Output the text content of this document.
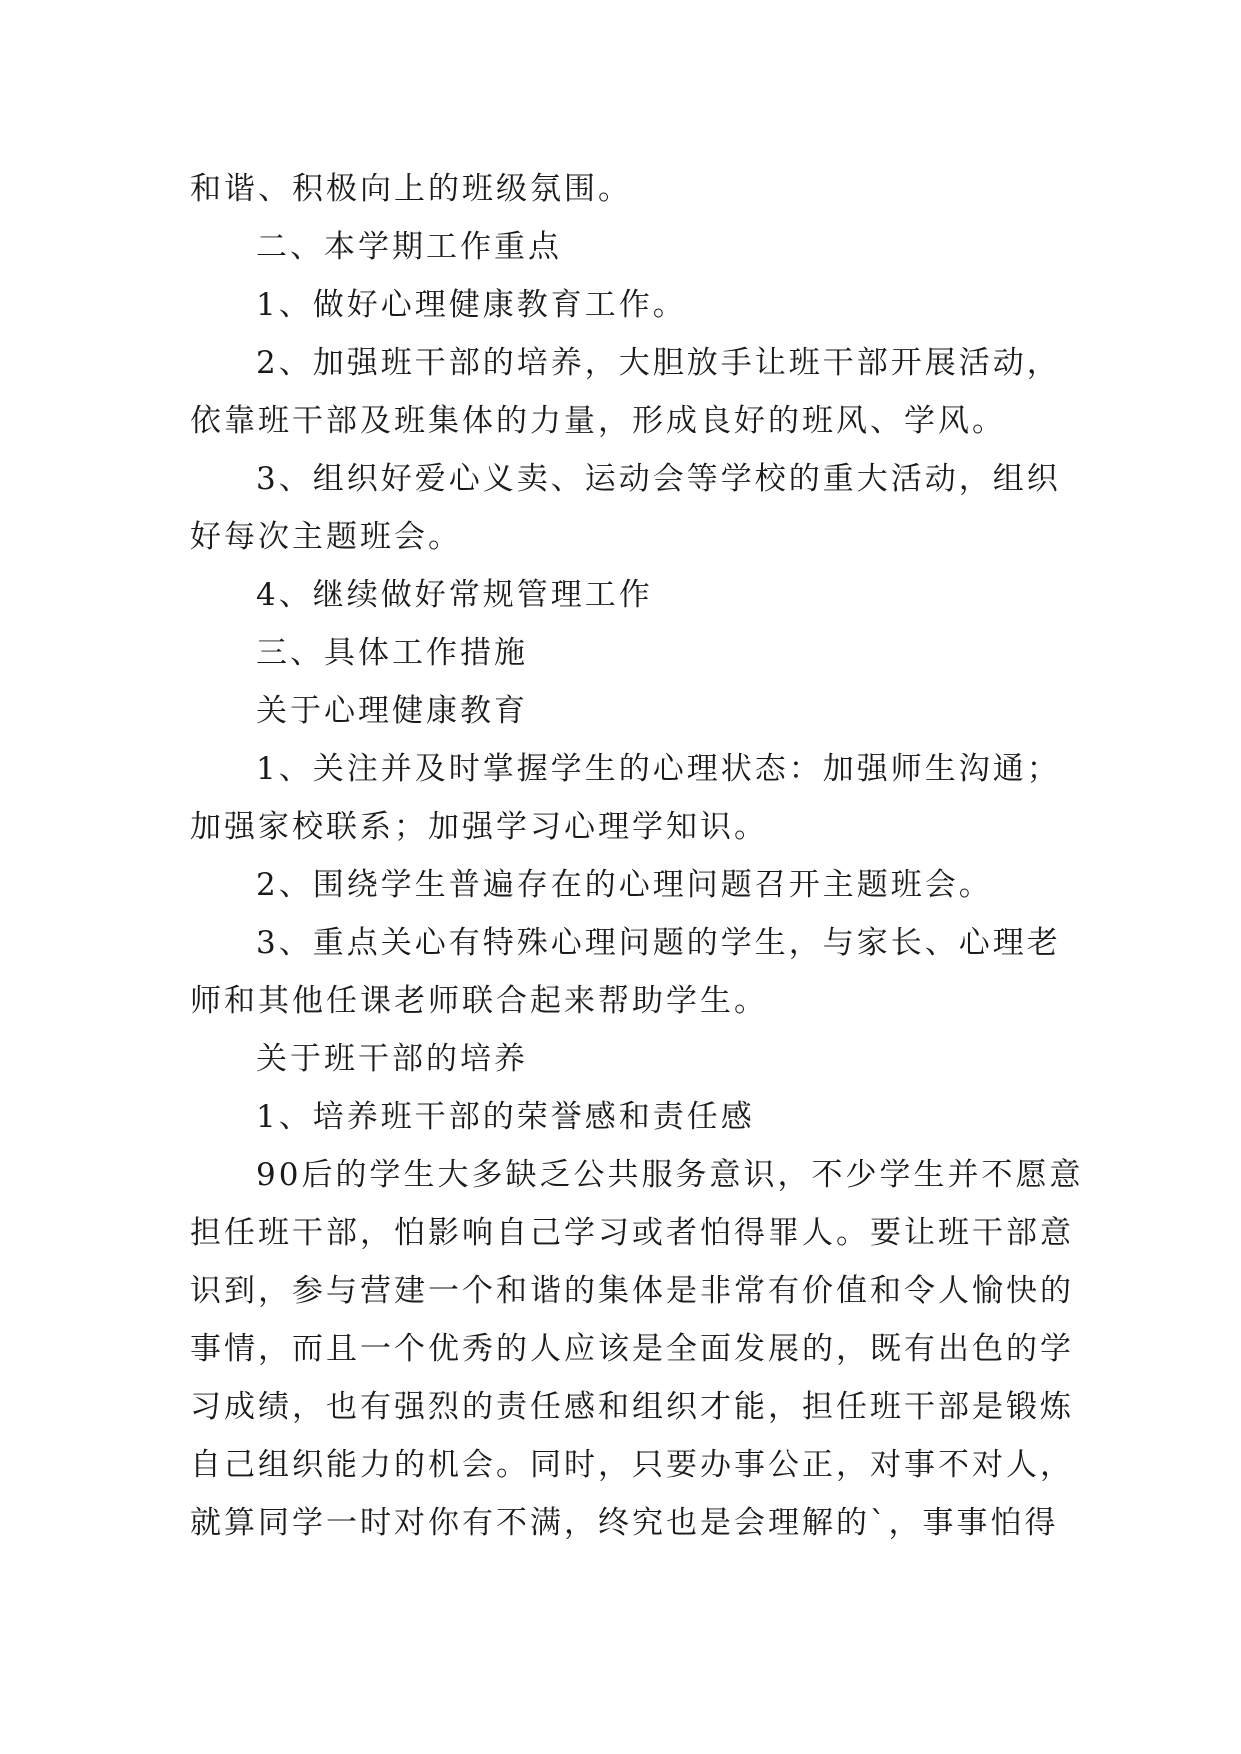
和谐、积极向上的班级氛围。
二、本学期工作重点
1、做好心理健康教育工作。
2、加强班干部的培养，大胆放手让班干部开展活动，
依靠班干部及班集体的力量，形成良好的班风、学风。
3、组织好爱心义卖、运动会等学校的重大活动，组织
好每次主题班会。
4、继续做好常规管理工作
三、具体工作措施
关于心理健康教育
1、关注并及时掌握学生的心理状态：加强师生沟通；
加强家校联系；加强学习心理学知识。
2、围绕学生普遍存在的心理问题召开主题班会。
3、重点关心有特殊心理问题的学生，与家长、心理老
师和其他任课老师联合起来帮助学生。
关于班干部的培养
1、培养班干部的荣誉感和责任感
90后的学生大多缺乏公共服务意识，不少学生并不愿意
担任班干部，怕影响自己学习或者怕得罪人。要让班干部意
识到，参与营建一个和谐的集体是非常有价值和令人愉快的
事情，而且一个优秀的人应该是全面发展的，既有出色的学
习成绩，也有强烈的责任感和组织才能，担任班干部是锻炼
自己组织能力的机会。同时，只要办事公正，对事不对人，
就算同学一时对你有不满，终究也是会理解的`，事事怕得
